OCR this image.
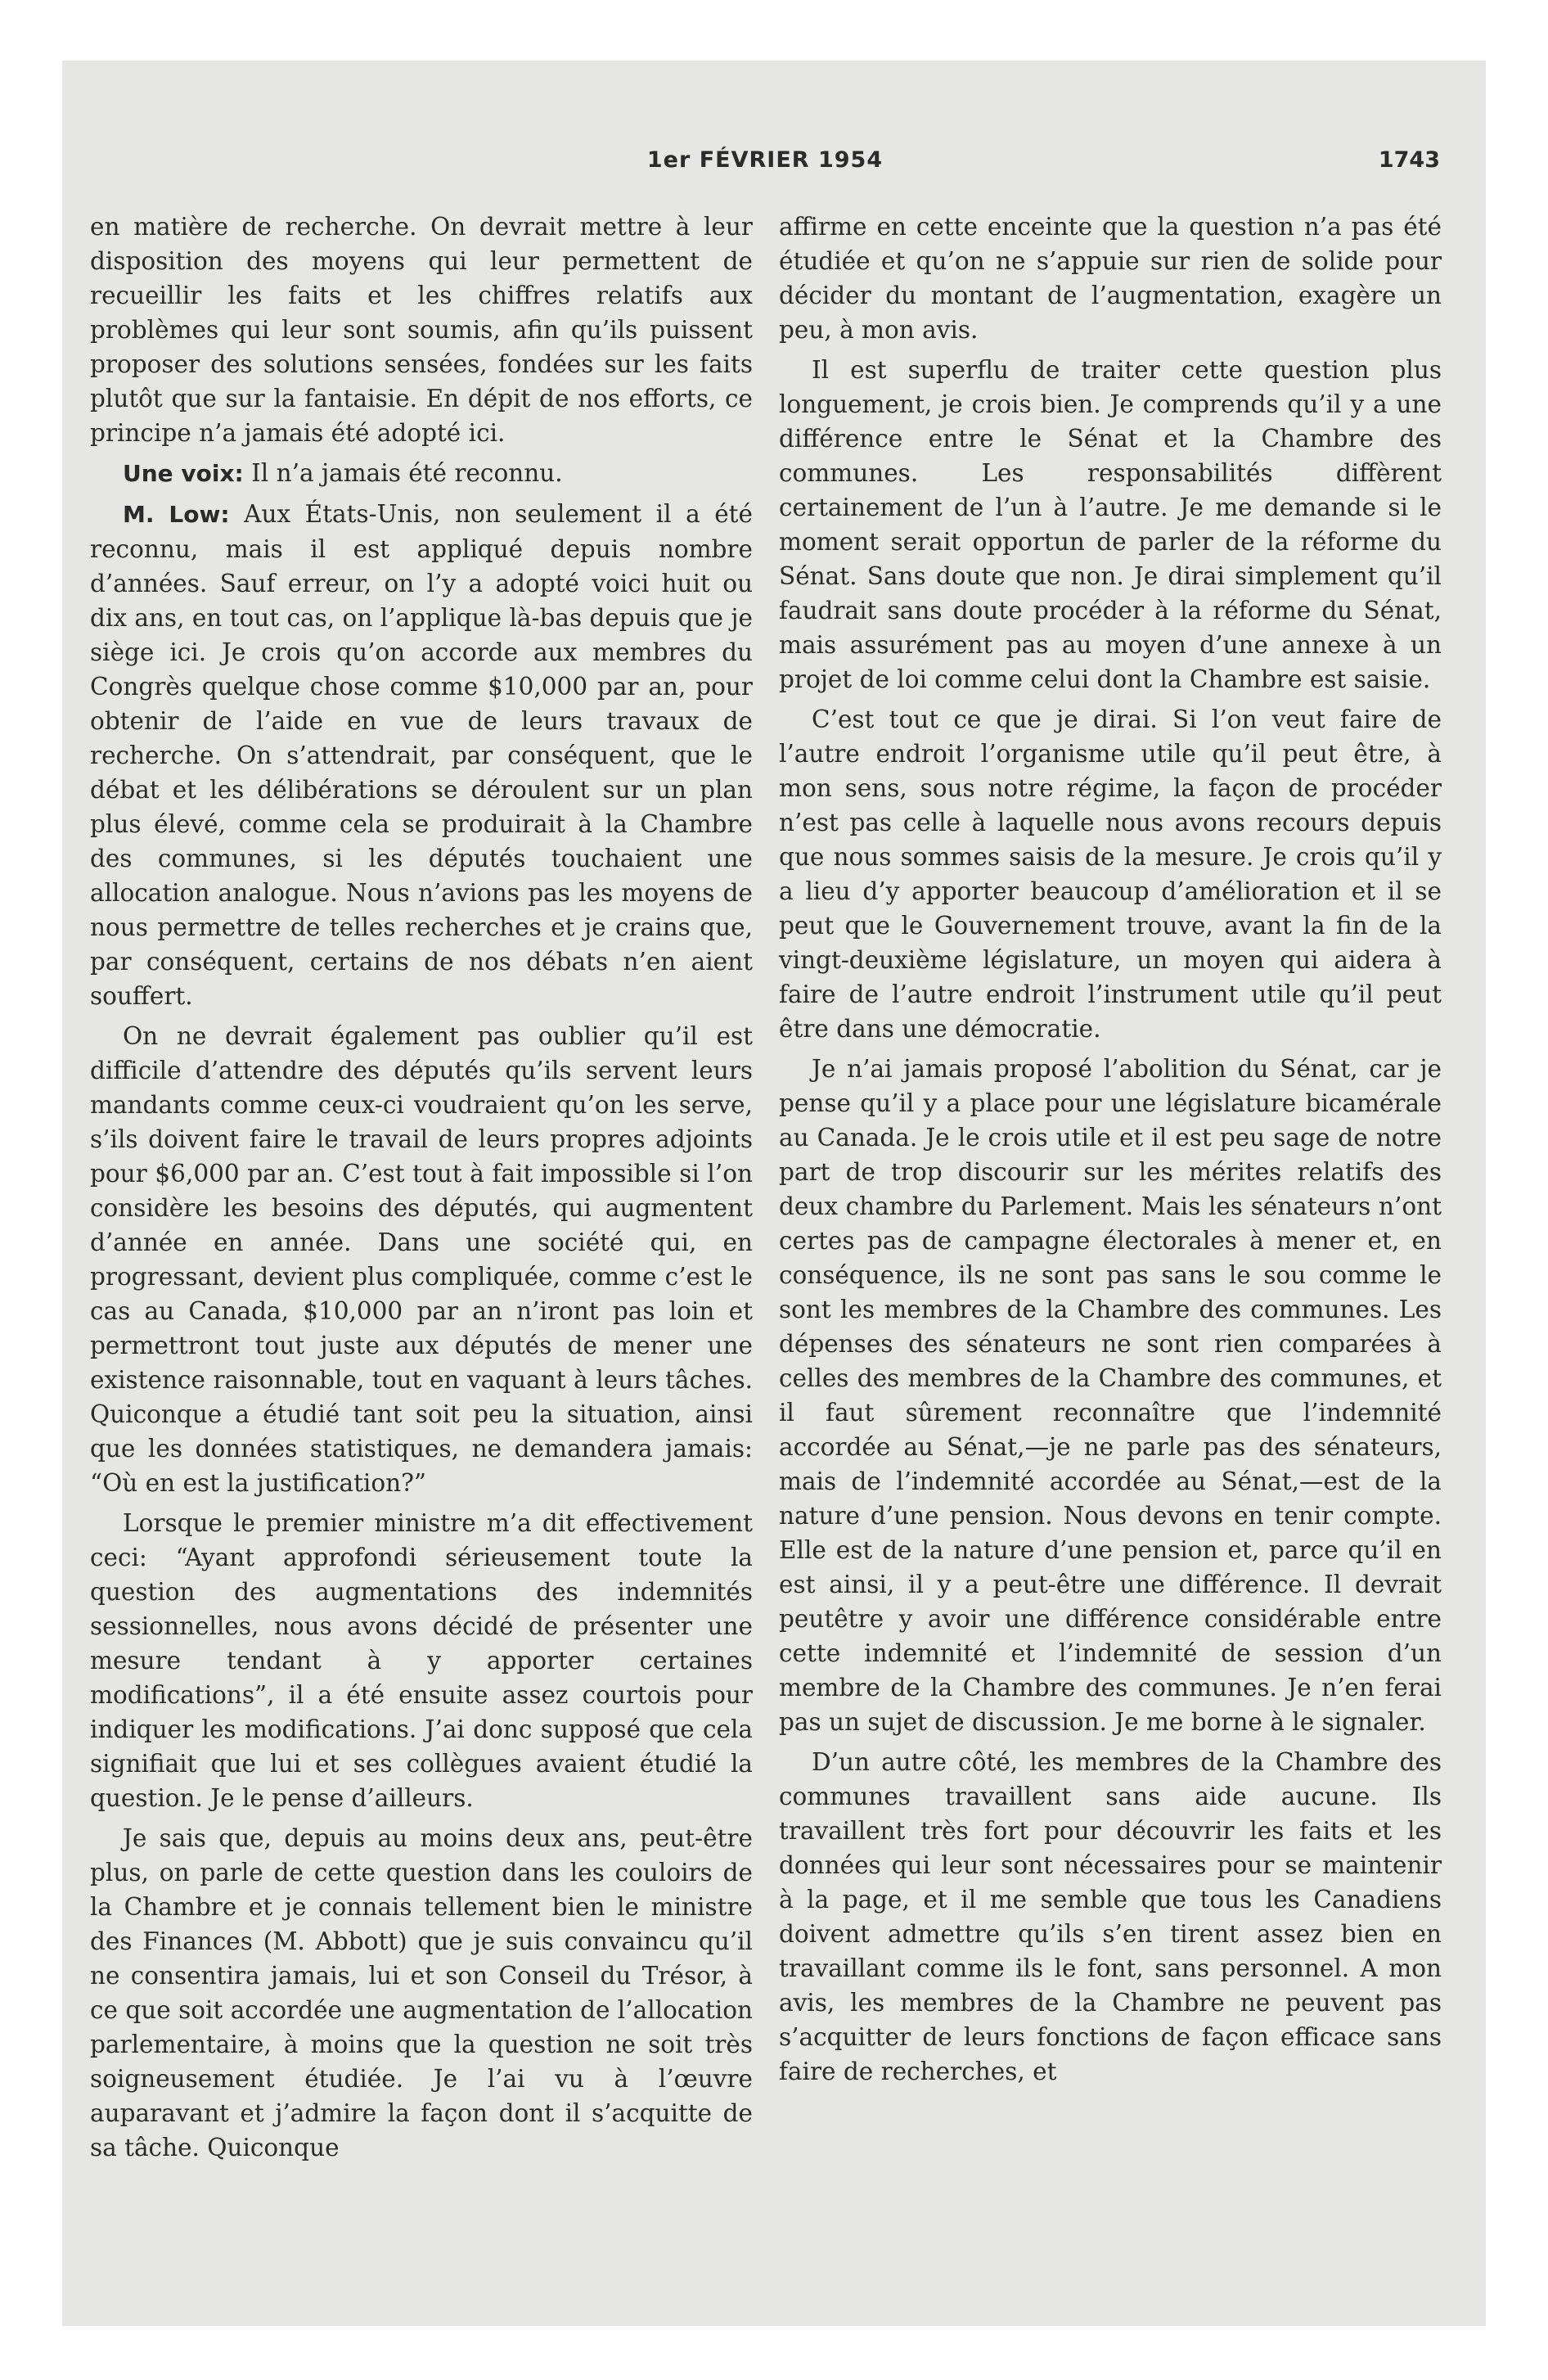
1er FÉVRIER 1954	1743

en matière de recherche. On devrait mettre à leur disposition des moyens qui leur permettent de recueillir les faits et les chiffres relatifs aux problèmes qui leur sont soumis, afin qu’ils puissent proposer des solutions sensées, fondées sur les faits plutôt que sur la fantaisie. En dépit de nos efforts, ce principe n’a jamais été adopté ici.

Une voix: Il n’a jamais été reconnu.

M. Low: Aux États-Unis, non seulement il a été reconnu, mais il est appliqué depuis nombre d’années. Sauf erreur, on l’y a adopté voici huit ou dix ans, en tout cas, on l’applique là-bas depuis que je siège ici. Je crois qu’on accorde aux membres du Congrès quelque chose comme $10,000 par an, pour obtenir de l’aide en vue de leurs travaux de recherche. On s’attendrait, par conséquent, que le débat et les délibérations se déroulent sur un plan plus élevé, comme cela se produirait à la Chambre des communes, si les députés touchaient une allocation analogue. Nous n’avions pas les moyens de nous permettre de telles recherches et je crains que, par conséquent, certains de nos débats n’en aient souffert.

On ne devrait également pas oublier qu’il est difficile d’attendre des députés qu’ils servent leurs mandants comme ceux-ci voudraient qu’on les serve, s’ils doivent faire le travail de leurs propres adjoints pour $6,000 par an. C’est tout à fait impossible si l’on considère les besoins des députés, qui augmentent d’année en année. Dans une société qui, en progressant, devient plus compliquée, comme c’est le cas au Canada, $10,000 par an n’iront pas loin et permettront tout juste aux députés de mener une existence raisonnable, tout en vaquant à leurs tâches. Quiconque a étudié tant soit peu la situation, ainsi que les données statistiques, ne demandera jamais: “Où en est la justification?”

Lorsque le premier ministre m’a dit effectivement ceci: “Ayant approfondi sérieusement toute la question des augmentations des indemnités sessionnelles, nous avons décidé de présenter une mesure tendant à y apporter certaines modifications”, il a été ensuite assez courtois pour indiquer les modifications. J’ai donc supposé que cela signifiait que lui et ses collègues avaient étudié la question. Je le pense d’ailleurs.

Je sais que, depuis au moins deux ans, peut-être plus, on parle de cette question dans les couloirs de la Chambre et je connais tellement bien le ministre des Finances (M. Abbott) que je suis convaincu qu’il ne consentira jamais, lui et son Conseil du Trésor, à ce que soit accordée une augmentation de l’allocation parlementaire, à moins que la question ne soit très soigneusement étudiée. Je l’ai vu à l’œuvre auparavant et j’admire la façon dont il s’acquitte de sa tâche. Quiconque

affirme en cette enceinte que la question n’a pas été étudiée et qu’on ne s’appuie sur rien de solide pour décider du montant de l’augmentation, exagère un peu, à mon avis.

Il est superflu de traiter cette question plus longuement, je crois bien. Je comprends qu’il y a une différence entre le Sénat et la Chambre des communes. Les responsabilités diffèrent certainement de l’un à l’autre. Je me demande si le moment serait opportun de parler de la réforme du Sénat. Sans doute que non. Je dirai simplement qu’il faudrait sans doute procéder à la réforme du Sénat, mais assurément pas au moyen d’une annexe à un projet de loi comme celui dont la Chambre est saisie.

C’est tout ce que je dirai. Si l’on veut faire de l’autre endroit l’organisme utile qu’il peut être, à mon sens, sous notre régime, la façon de procéder n’est pas celle à laquelle nous avons recours depuis que nous sommes saisis de la mesure. Je crois qu’il y a lieu d’y apporter beaucoup d’amélioration et il se peut que le Gouvernement trouve, avant la fin de la vingt-deuxième législature, un moyen qui aidera à faire de l’autre endroit l’instrument utile qu’il peut être dans une démocratie.

Je n’ai jamais proposé l’abolition du Sénat, car je pense qu’il y a place pour une législature bicamérale au Canada. Je le crois utile et il est peu sage de notre part de trop discourir sur les mérites relatifs des deux chambre du Parlement. Mais les sénateurs n’ont certes pas de campagne électorales à mener et, en conséquence, ils ne sont pas sans le sou comme le sont les membres de la Chambre des communes. Les dépenses des sénateurs ne sont rien comparées à celles des membres de la Chambre des communes, et il faut sûrement reconnaître que l’indemnité accordée au Sénat,—je ne parle pas des sénateurs, mais de l’indemnité accordée au Sénat,—est de la nature d’une pension. Nous devons en tenir compte. Elle est de la nature d’une pension et, parce qu’il en est ainsi, il y a peut-être une différence. Il devrait peutêtre y avoir une différence considérable entre cette indemnité et l’indemnité de session d’un membre de la Chambre des communes. Je n’en ferai pas un sujet de discussion. Je me borne à le signaler.

D’un autre côté, les membres de la Chambre des communes travaillent sans aide aucune. Ils travaillent très fort pour découvrir les faits et les données qui leur sont nécessaires pour se maintenir à la page, et il me semble que tous les Canadiens doivent admettre qu’ils s’en tirent assez bien en travaillant comme ils le font, sans personnel. A mon avis, les membres de la Chambre ne peuvent pas s’acquitter de leurs fonctions de façon efficace sans faire de recherches, et
